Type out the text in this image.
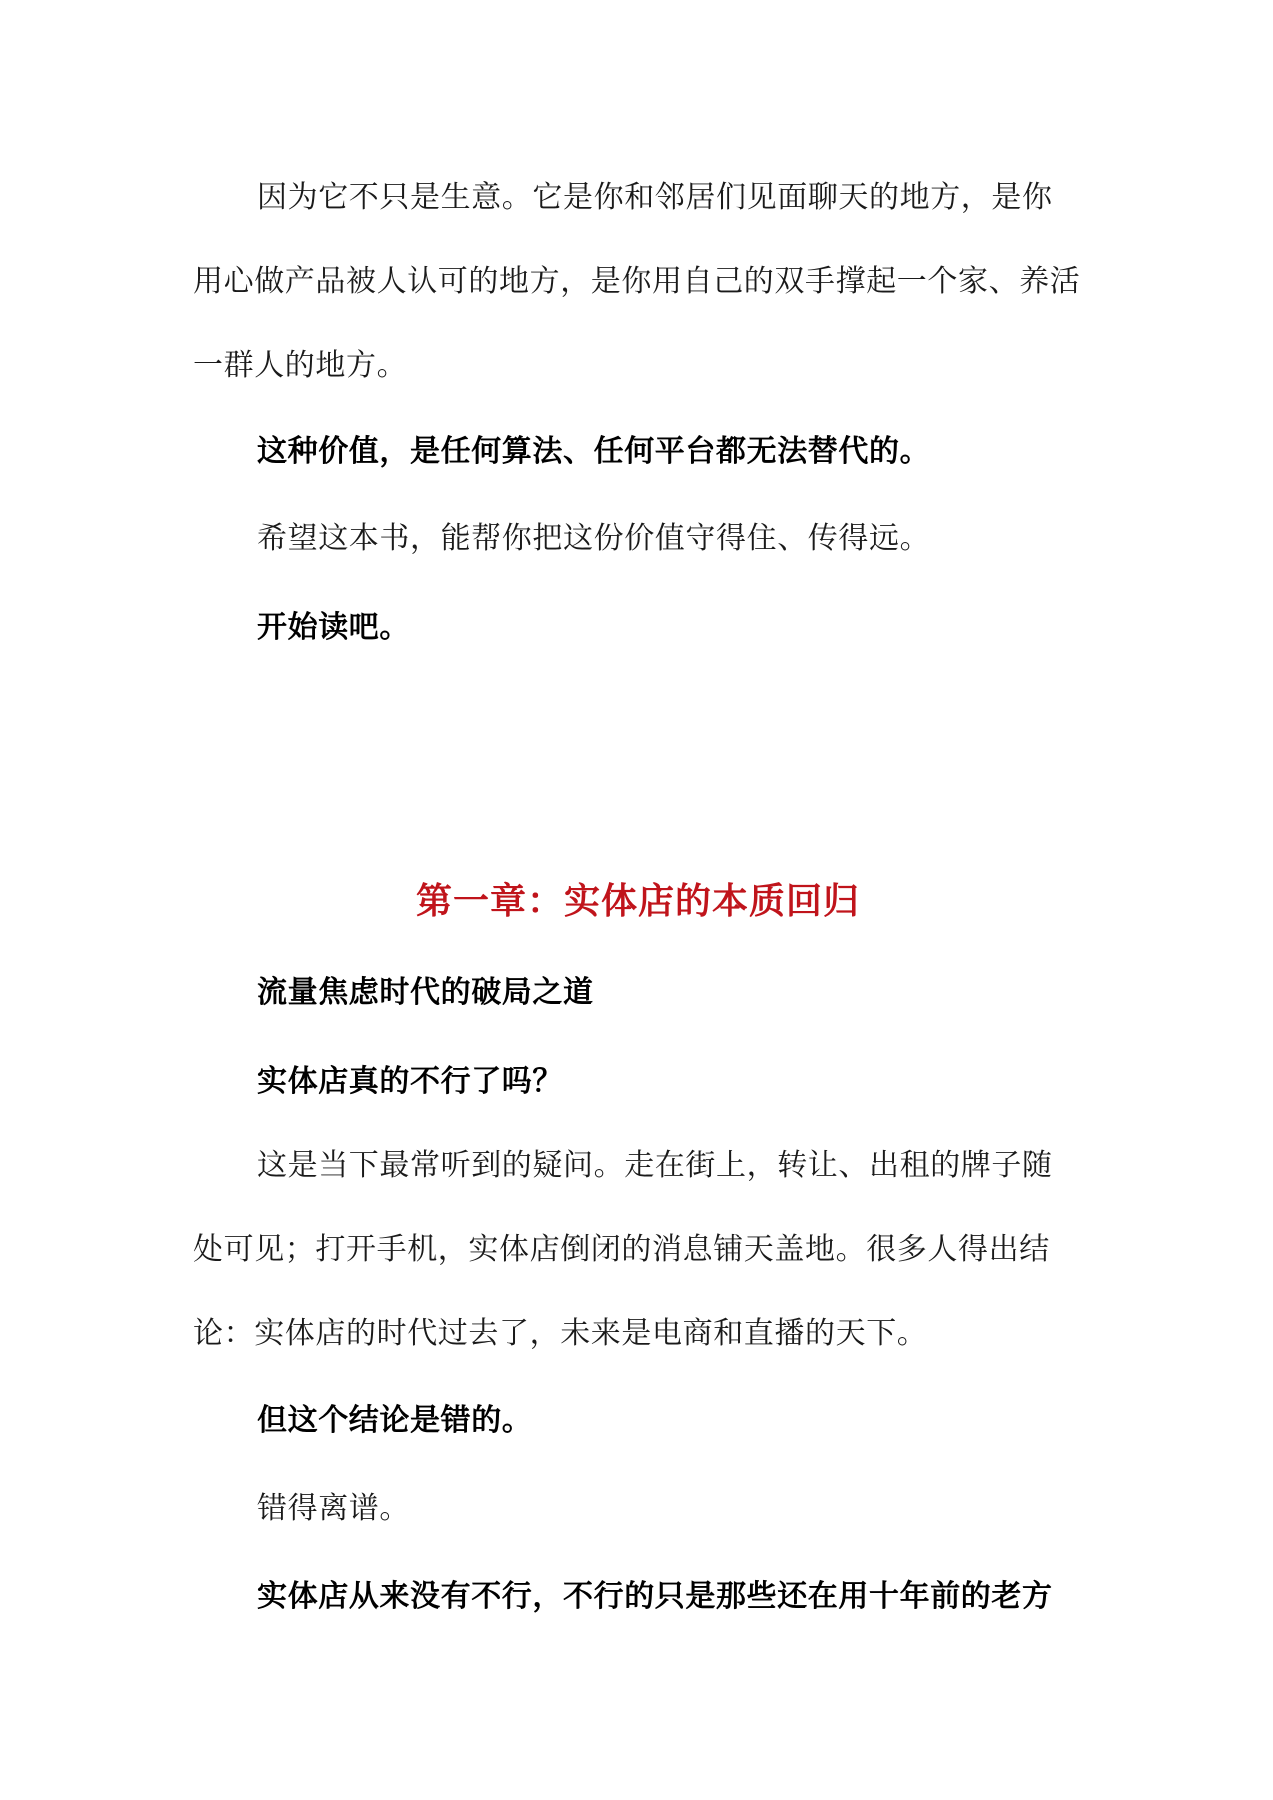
因为它不只是生意。它是你和邻居们见面聊天的地方，是你用心做产品被人认可的地方，是你用自己的双手撑起一个家、养活一群人的地方。

这种价值，是任何算法、任何平台都无法替代的。

希望这本书，能帮你把这份价值守得住、传得远。

开始读吧。

第一章：实体店的本质回归

流量焦虑时代的破局之道

实体店真的不行了吗？

这是当下最常听到的疑问。走在街上，转让、出租的牌子随处可见；打开手机，实体店倒闭的消息铺天盖地。很多人得出结论：实体店的时代过去了，未来是电商和直播的天下。

但这个结论是错的。

错得离谱。

实体店从来没有不行，不行的只是那些还在用十年前的老方
